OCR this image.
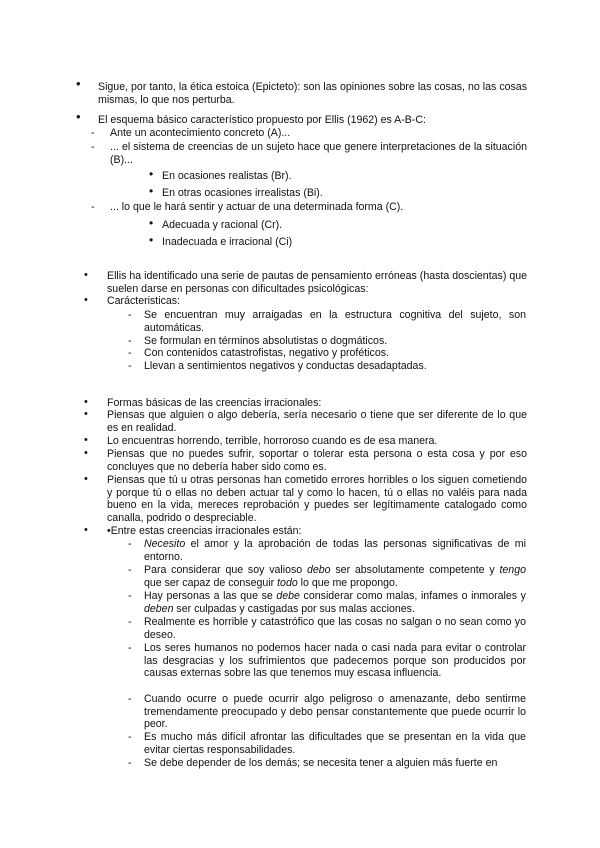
• Sigue, por tanto, la ética estoica (Epicteto): son las opiniones sobre las cosas, no las cosas mismas, lo que nos perturba.
• El esquema básico característico propuesto por Ellis (1962) es A-B-C:
- Ante un acontecimiento concreto (A)...
- ... el sistema de creencias de un sujeto hace que genere interpretaciones de la situación (B)...
• En ocasiones realistas (Br).
• En otras ocasiones irrealistas (Bi).
- ... lo que le hará sentir y actuar de una determinada forma (C).
• Adecuada y racional (Cr).
• Inadecuada e irracional (Ci)
• Ellis ha identificado una serie de pautas de pensamiento erróneas (hasta doscientas) que suelen darse en personas con dificultades psicológicas:
• Carácteristicas:
- Se encuentran muy arraigadas en la estructura cognitiva del sujeto, son automáticas.
- Se formulan en términos absolutistas o dogmáticos.
- Con contenidos catastrofistas, negativo y proféticos.
- Llevan a sentimientos negativos y conductas desadaptadas.
• Formas básicas de las creencias irracionales:
• Piensas que alguien o algo debería, sería necesario o tiene que ser diferente de lo que es en realidad.
• Lo encuentras horrendo, terrible, horroroso cuando es de esa manera.
• Piensas que no puedes sufrir, soportar o tolerar esta persona o esta cosa y por eso concluyes que no debería haber sido como es.
• Piensas que tú u otras personas han cometido errores horribles o los siguen cometiendo y porque tú o ellas no deben actuar tal y como lo hacen, tú o ellas no valéis para nada bueno en la vida, mereces reprobación y puedes ser legítimamente catalogado como canalla, podrido o despreciable.
• •Entre estas creencias irracionales están:
- Necesito el amor y la aprobación de todas las personas significativas de mi entorno.
- Para considerar que soy valioso debo ser absolutamente competente y tengo que ser capaz de conseguir todo lo que me propongo.
- Hay personas a las que se debe considerar como malas, infames o inmorales y deben ser culpadas y castigadas por sus malas acciones.
- Realmente es horrible y catastrófico que las cosas no salgan o no sean como yo deseo.
- Los seres humanos no podemos hacer nada o casi nada para evitar o controlar las desgracias y los sufrimientos que padecemos porque son producidos por causas externas sobre las que tenemos muy escasa influencia.
- Cuando ocurre o puede ocurrir algo peligroso o amenazante, debo sentirme tremendamente preocupado y debo pensar constantemente que puede ocurrir lo peor.
- Es mucho más difícil afrontar las dificultades que se presentan en la vida que evitar ciertas responsabilidades.
- Se debe depender de los demás; se necesita tener a alguien más fuerte en
